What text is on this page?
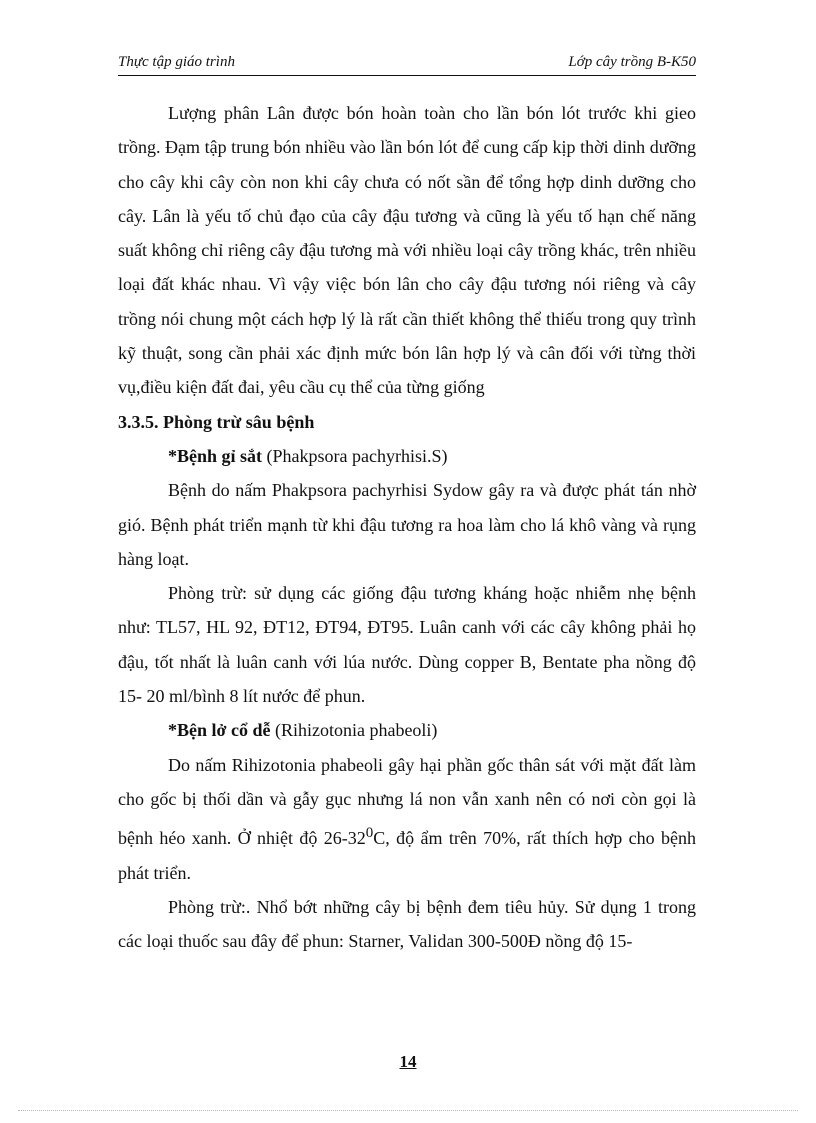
Thực tập giáo trình	Lớp cây trồng B-K50

Lượng phân Lân được bón hoàn toàn cho lần bón lót trước khi gieo trồng. Đạm tập trung bón nhiều vào lần bón lót để cung cấp kịp thời dinh dưỡng cho cây khi cây còn non khi cây chưa có nốt sần để tổng hợp dinh dưỡng cho cây. Lân là yếu tố chủ đạo của cây đậu tương và cũng là yếu tố hạn chế năng suất không chỉ riêng cây đậu tương mà với nhiều loại cây trồng khác, trên nhiều loại đất khác nhau. Vì vậy việc bón lân cho cây đậu tương nói riêng và cây trồng nói chung một cách hợp lý là rất cần thiết không thể thiếu trong quy trình kỹ thuật, song cần phải xác định mức bón lân hợp lý và cân đối với từng thời vụ,điều kiện đất đai, yêu cầu cụ thể của từng giống

3.3.5. Phòng trừ sâu bệnh

*Bệnh gỉ sắt (Phakpsora pachyrhisi.S)

Bệnh do nấm Phakpsora pachyrhisi Sydow gây ra và được phát tán nhờ gió. Bệnh phát triển mạnh từ khi đậu tương ra hoa làm cho lá khô vàng và rụng hàng loạt.

Phòng trừ: sử dụng các giống đậu tương kháng hoặc nhiễm nhẹ bệnh như: TL57, HL 92, ĐT12, ĐT94, ĐT95. Luân canh với các cây không phải họ đậu, tốt nhất là luân canh với lúa nước. Dùng copper B, Bentate pha nồng độ 15- 20 ml/bình 8 lít nước để phun.

*Bện lở cổ dễ (Rihizotonia phabeoli)

Do nấm Rihizotonia phabeoli gây hại phần gốc thân sát với mặt đất làm cho gốc bị thối dần và gẫy gục nhưng lá non vẫn xanh nên có nơi còn gọi là bệnh héo xanh. Ở nhiệt độ $26-32^0C$, độ ẩm trên 70%, rất thích hợp cho bệnh phát triển.

Phòng trừ:. Nhổ bớt những cây bị bệnh đem tiêu hủy. Sử dụng 1 trong các loại thuốc sau đây để phun: Starner, Validan 300-500Đ nồng độ 15-

14
